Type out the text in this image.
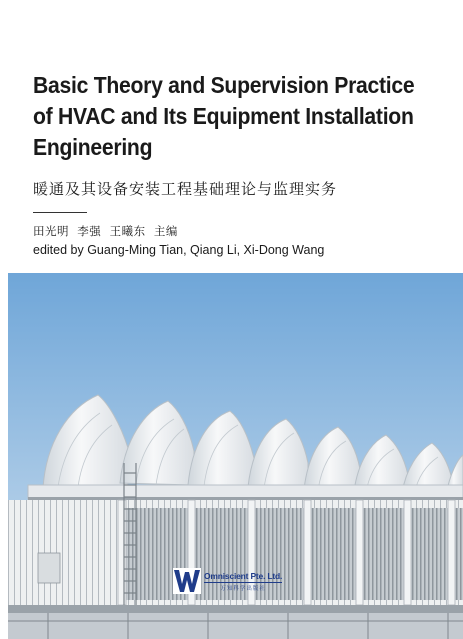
Basic Theory and Supervision Practice of HVAC and Its Equipment Installation Engineering
暖通及其设备安装工程基础理论与监理实务
田光明  李强  王曦东  主编
edited by Guang-Ming Tian, Qiang Li, Xi-Dong Wang
Omniscient Pte. Ltd.
万知科学出版社
